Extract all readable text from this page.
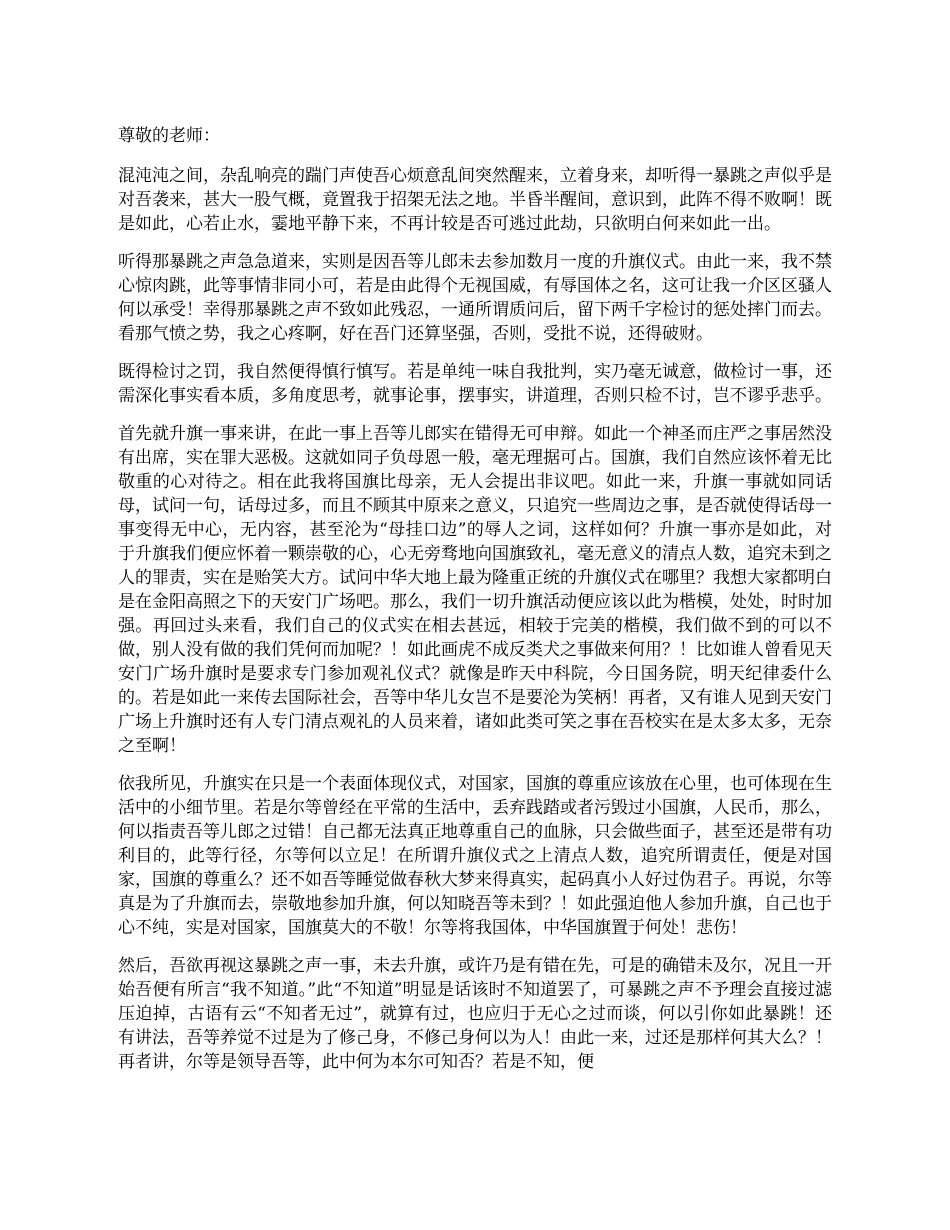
尊敬的老师：

混沌沌之间，杂乱响亮的踹门声使吾心烦意乱间突然醒来，立着身来，却听得一暴跳之声似乎是对吾袭来，甚大一股气概，竟置我于招架无法之地。半昏半醒间，意识到，此阵不得不败啊！既是如此，心若止水，霎地平静下来，不再计较是否可逃过此劫，只欲明白何来如此一出。

听得那暴跳之声急急道来，实则是因吾等儿郎未去参加数月一度的升旗仪式。由此一来，我不禁心惊肉跳，此等事情非同小可，若是由此得个无视国威，有辱国体之名，这可让我一介区区骚人何以承受！幸得那暴跳之声不致如此残忍，一通所谓质问后，留下两千字检讨的惩处摔门而去。看那气愤之势，我之心疼啊，好在吾门还算坚强，否则，受批不说，还得破财。

既得检讨之罚，我自然便得慎行慎写。若是单纯一味自我批判，实乃毫无诚意，做检讨一事，还需深化事实看本质，多角度思考，就事论事，摆事实，讲道理，否则只检不讨，岂不谬乎悲乎。

首先就升旗一事来讲，在此一事上吾等儿郎实在错得无可申辩。如此一个神圣而庄严之事居然没有出席，实在罪大恶极。这就如同子负母恩一般，毫无理据可占。国旗，我们自然应该怀着无比敬重的心对待之。相在此我将国旗比母亲，无人会提出非议吧。如此一来，升旗一事就如同话母，试问一句，话母过多，而且不顾其中原来之意义，只追究一些周边之事，是否就使得话母一事变得无中心，无内容，甚至沦为“母挂口边”的辱人之词，这样如何？升旗一事亦是如此，对于升旗我们便应怀着一颗崇敬的心，心无旁骛地向国旗致礼，毫无意义的清点人数，追究未到之人的罪责，实在是贻笑大方。试问中华大地上最为隆重正统的升旗仪式在哪里？我想大家都明白是在金阳高照之下的天安门广场吧。那么，我们一切升旗活动便应该以此为楷模，处处，时时加强。再回过头来看，我们自己的仪式实在相去甚远，相较于完美的楷模，我们做不到的可以不做，别人没有做的我们凭何而加呢？！如此画虎不成反类犬之事做来何用？！比如谁人曾看见天安门广场升旗时是要求专门参加观礼仪式？就像是昨天中科院，今日国务院，明天纪律委什么的。若是如此一来传去国际社会，吾等中华儿女岂不是要沦为笑柄！再者，又有谁人见到天安门广场上升旗时还有人专门清点观礼的人员来着，诸如此类可笑之事在吾校实在是太多太多，无奈之至啊！

依我所见，升旗实在只是一个表面体现仪式，对国家，国旗的尊重应该放在心里，也可体现在生活中的小细节里。若是尔等曾经在平常的生活中，丢弃践踏或者污毁过小国旗，人民币，那么，何以指责吾等儿郎之过错！自己都无法真正地尊重自己的血脉，只会做些面子，甚至还是带有功利目的，此等行径，尔等何以立足！在所谓升旗仪式之上清点人数，追究所谓责任，便是对国家，国旗的尊重么？还不如吾等睡觉做春秋大梦来得真实，起码真小人好过伪君子。再说，尔等真是为了升旗而去，崇敬地参加升旗，何以知晓吾等未到？！如此强迫他人参加升旗，自己也于心不纯，实是对国家，国旗莫大的不敬！尔等将我国体，中华国旗置于何处！悲伤！

然后，吾欲再视这暴跳之声一事，未去升旗，或许乃是有错在先，可是的确错未及尔，况且一开始吾便有所言“我不知道。”此“不知道”明显是话该时不知道罢了，可暴跳之声不予理会直接过滤压迫掉，古语有云“不知者无过”，就算有过，也应归于无心之过而谈，何以引你如此暴跳！还有讲法，吾等养觉不过是为了修己身，不修己身何以为人！由此一来，过还是那样何其大么？！再者讲，尔等是领导吾等，此中何为本尔可知否？若是不知，便
